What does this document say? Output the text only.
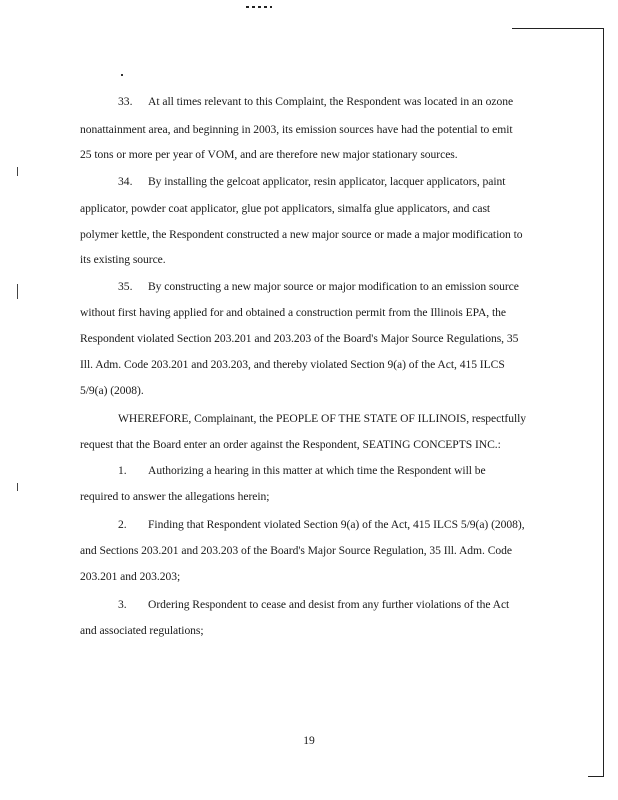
33. At all times relevant to this Complaint, the Respondent was located in an ozone
nonattainment area, and beginning in 2003, its emission sources have had the potential to emit
25 tons or more per year of VOM, and are therefore new major stationary sources.
34. By installing the gelcoat applicator, resin applicator, lacquer applicators, paint
applicator, powder coat applicator, glue pot applicators, simalfa glue applicators, and cast
polymer kettle, the Respondent constructed a new major source or made a major modification to
its existing source.
35. By constructing a new major source or major modification to an emission source
without first having applied for and obtained a construction permit from the Illinois EPA, the
Respondent violated Section 203.201 and 203.203 of the Board's Major Source Regulations, 35
Ill. Adm. Code 203.201 and 203.203, and thereby violated Section 9(a) of the Act, 415 ILCS
5/9(a) (2008).
WHEREFORE, Complainant, the PEOPLE OF THE STATE OF ILLINOIS, respectfully
request that the Board enter an order against the Respondent, SEATING CONCEPTS INC.:
1. Authorizing a hearing in this matter at which time the Respondent will be
required to answer the allegations herein;
2. Finding that Respondent violated Section 9(a) of the Act, 415 ILCS 5/9(a) (2008),
and Sections 203.201 and 203.203 of the Board's Major Source Regulation, 35 Ill. Adm. Code
203.201 and 203.203;
3. Ordering Respondent to cease and desist from any further violations of the Act
and associated regulations;
19
